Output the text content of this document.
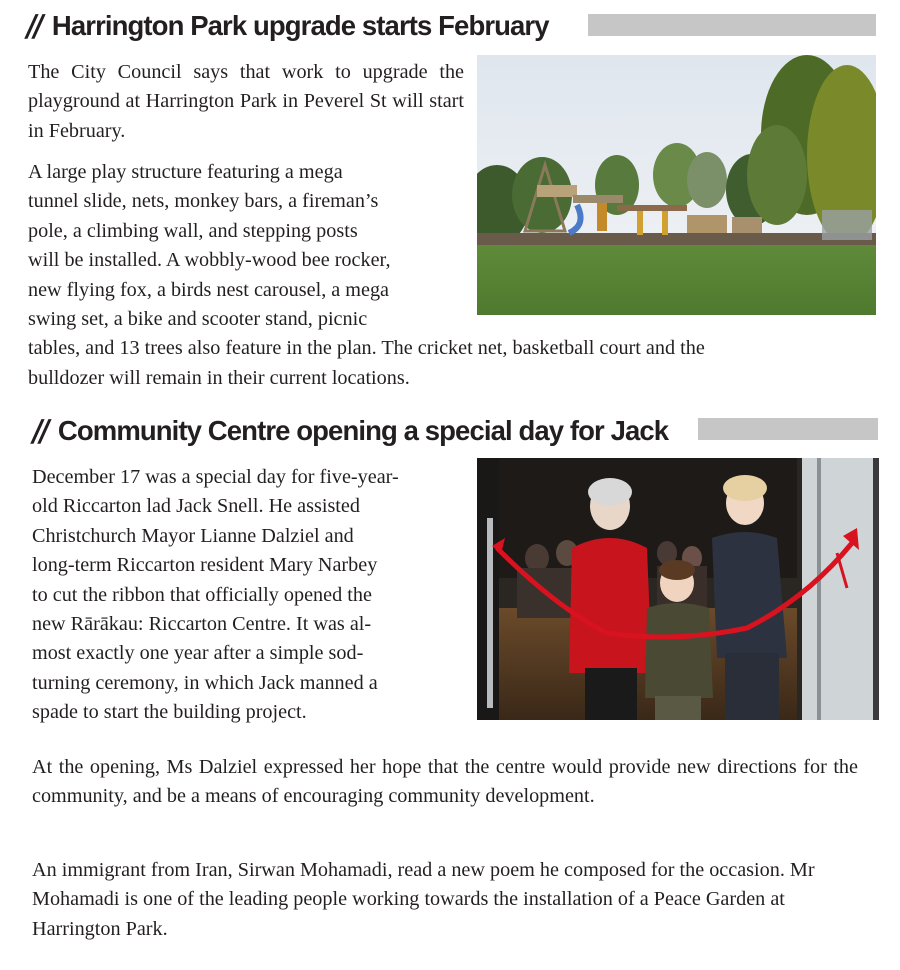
// Harrington Park upgrade starts February

The City Council says that work to upgrade the playground at Harrington Park in Peverel St will start in February.

A large play structure featuring a mega
tunnel slide, nets, monkey bars, a fireman’s
pole, a climbing wall, and stepping posts
will be installed. A wobbly-wood bee rocker,
new flying fox, a birds nest carousel, a mega
swing set, a bike and scooter stand, picnic
tables, and 13 trees also feature in the plan. The cricket net, basketball court and the
bulldozer will remain in their current locations.
// Community Centre opening a special day for Jack
December 17 was a special day for five-year-
old Riccarton lad Jack Snell. He assisted
Christchurch Mayor Lianne Dalziel and
long-term Riccarton resident Mary Narbey
to cut the ribbon that officially opened the
new Rārākau: Riccarton Centre. It was al-
most exactly one year after a simple sod-
turning ceremony, in which Jack manned a
spade to start the building project.

At the opening, Ms Dalziel expressed her hope that the centre would provide new directions for the community, and be a means of encouraging community development.

An immigrant from Iran, Sirwan Mohamadi, read a new poem he composed for the occasion. Mr Mohamadi is one of the leading people working towards the installation of a Peace Garden at Harrington Park.
